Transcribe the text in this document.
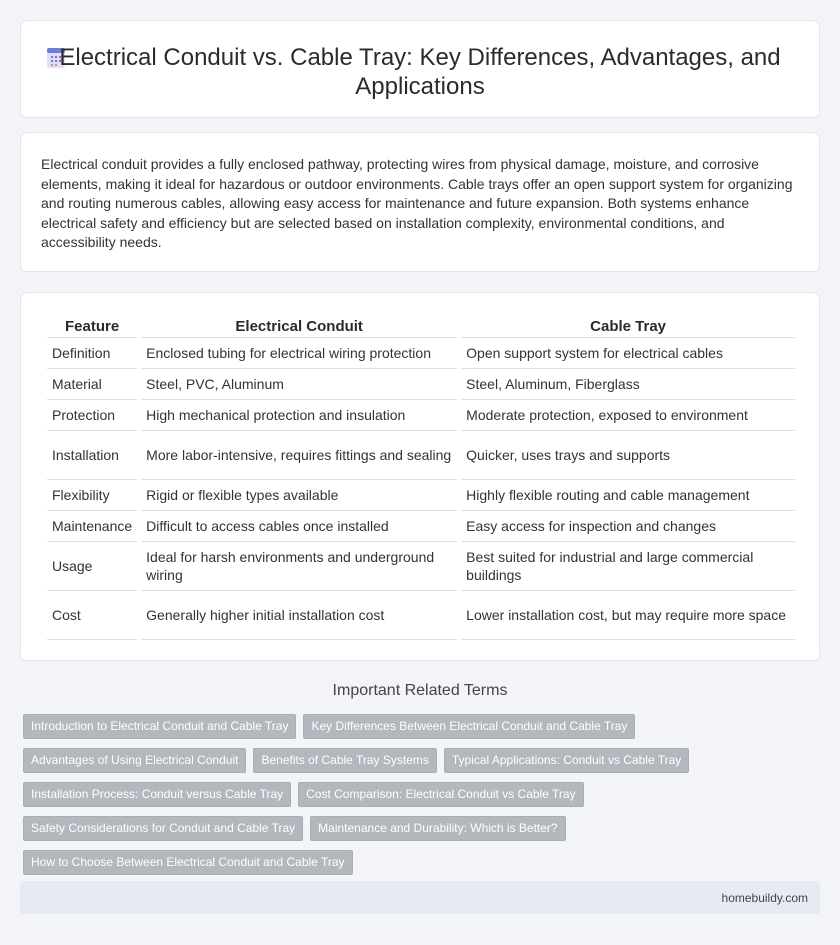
Electrical Conduit vs. Cable Tray: Key Differences, Advantages, and Applications

Electrical conduit provides a fully enclosed pathway, protecting wires from physical damage, moisture, and corrosive elements, making it ideal for hazardous or outdoor environments. Cable trays offer an open support system for organizing and routing numerous cables, allowing easy access for maintenance and future expansion. Both systems enhance electrical safety and efficiency but are selected based on installation complexity, environmental conditions, and accessibility needs.

Feature	Electrical Conduit	Cable Tray
Definition	Enclosed tubing for electrical wiring protection	Open support system for electrical cables
Material	Steel, PVC, Aluminum	Steel, Aluminum, Fiberglass
Protection	High mechanical protection and insulation	Moderate protection, exposed to environment
Installation	More labor-intensive, requires fittings and sealing	Quicker, uses trays and supports
Flexibility	Rigid or flexible types available	Highly flexible routing and cable management
Maintenance	Difficult to access cables once installed	Easy access for inspection and changes
Usage	Ideal for harsh environments and underground wiring	Best suited for industrial and large commercial buildings
Cost	Generally higher initial installation cost	Lower installation cost, but may require more space
Important Related Terms
Introduction to Electrical Conduit and Cable Tray	Key Differences Between Electrical Conduit and Cable Tray
Advantages of Using Electrical Conduit	Benefits of Cable Tray Systems	Typical Applications: Conduit vs Cable Tray
Installation Process: Conduit versus Cable Tray	Cost Comparison: Electrical Conduit vs Cable Tray
Safety Considerations for Conduit and Cable Tray	Maintenance and Durability: Which is Better?
How to Choose Between Electrical Conduit and Cable Tray
homebuildy.com
